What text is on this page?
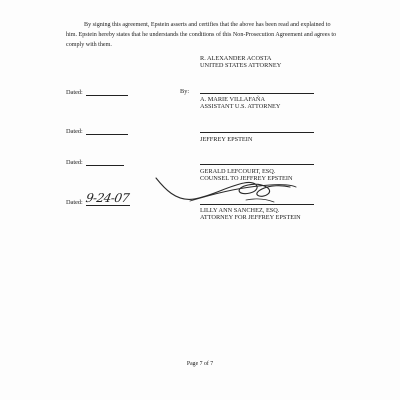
By signing this agreement, Epstein asserts and certifies that the above has been read and explained to him. Epstein hereby states that he understands the conditions of this Non-Prosecution Agreement and agrees to comply with them.
R. ALEXANDER ACOSTA
UNITED STATES ATTORNEY
Dated:	By:
A. MARIE VILLAFAÑA
ASSISTANT U.S. ATTORNEY
Dated:
JEFFREY EPSTEIN
Dated:
GERALD LEFCOURT, ESQ.
COUNSEL TO JEFFREY EPSTEIN
Dated: 9-24-07
LILLY ANN SANCHEZ, ESQ.
ATTORNEY FOR JEFFREY EPSTEIN
Page 7 of 7
